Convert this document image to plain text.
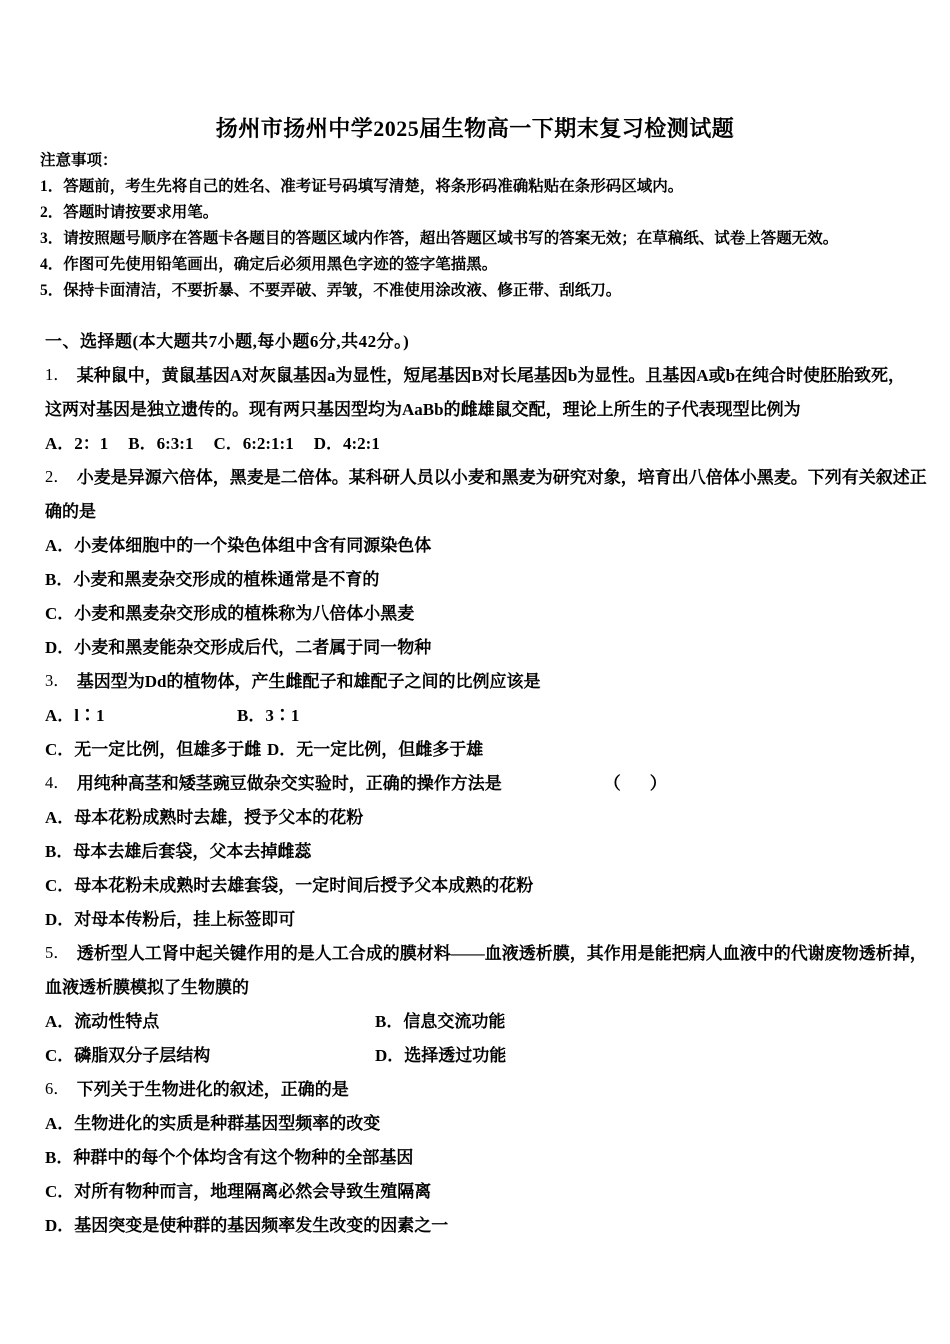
扬州市扬州中学2025届生物高一下期末复习检测试题
注意事项：
1．答题前，考生先将自己的姓名、准考证号码填写清楚，将条形码准确粘贴在条形码区域内。
2．答题时请按要求用笔。
3．请按照题号顺序在答题卡各题目的答题区域内作答，超出答题区域书写的答案无效；在草稿纸、试卷上答题无效。
4．作图可先使用铅笔画出，确定后必须用黑色字迹的签字笔描黑。
5．保持卡面清洁，不要折暴、不要弄破、弄皱，不准使用涂改液、修正带、刮纸刀。
一、选择题(本大题共7小题,每小题6分,共42分。)
1． 某种鼠中，黄鼠基因A对灰鼠基因a为显性，短尾基因B对长尾基因b为显性。且基因A或b在纯合时使胚胎致死，
这两对基因是独立遗传的。现有两只基因型均为AaBb的雌雄鼠交配，理论上所生的子代表现型比例为
A．2：1 B．6:3:1 C．6:2:1:1 D．4:2:1
2． 小麦是异源六倍体，黑麦是二倍体。某科研人员以小麦和黑麦为研究对象，培育出八倍体小黑麦。下列有关叙述正
确的是
A．小麦体细胞中的一个染色体组中含有同源染色体
B．小麦和黑麦杂交形成的植株通常是不育的
C．小麦和黑麦杂交形成的植株称为八倍体小黑麦
D．小麦和黑麦能杂交形成后代，二者属于同一物种
3． 基因型为Dd的植物体，产生雌配子和雄配子之间的比例应该是
A．l∶1	B．3∶1
C．无一定比例，但雄多于雌 D．无一定比例，但雌多于雄
4． 用纯种高茎和矮茎豌豆做杂交实验时，正确的操作方法是	（　）
A．母本花粉成熟时去雄，授予父本的花粉
B．母本去雄后套袋，父本去掉雌蕊
C．母本花粉未成熟时去雄套袋，一定时间后授予父本成熟的花粉
D．对母本传粉后，挂上标签即可
5． 透析型人工肾中起关键作用的是人工合成的膜材料——血液透析膜，其作用是能把病人血液中的代谢废物透析掉，
血液透析膜模拟了生物膜的
A．流动性特点	B．信息交流功能
C．磷脂双分子层结构	D．选择透过功能
6． 下列关于生物进化的叙述，正确的是
A．生物进化的实质是种群基因型频率的改变
B．种群中的每个个体均含有这个物种的全部基因
C．对所有物种而言，地理隔离必然会导致生殖隔离
D．基因突变是使种群的基因频率发生改变的因素之一
